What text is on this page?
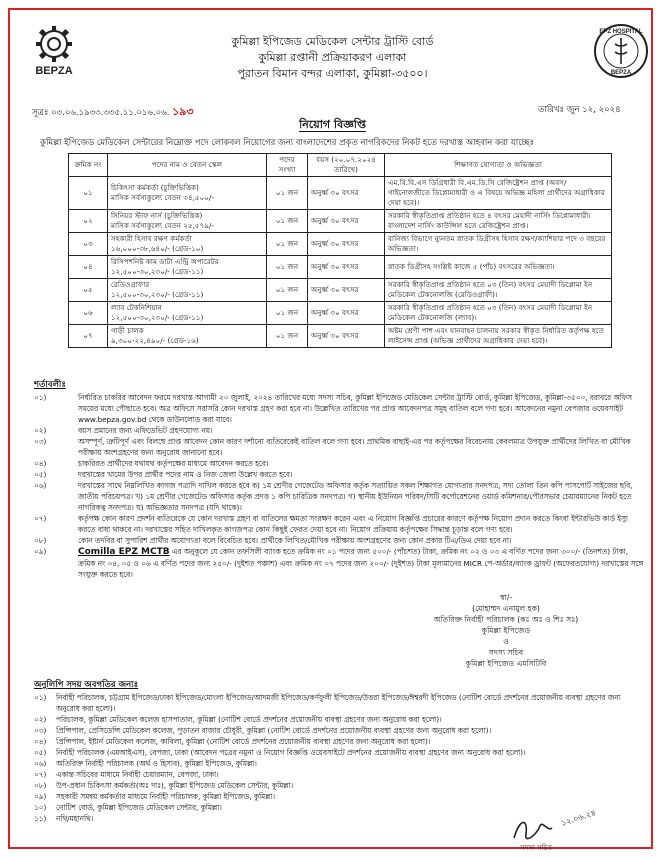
BEPZA
EPZ HOSPITAL
BEPZA
কুমিল্লা ইপিজেড মেডিকেল সেন্টার ট্রাস্টি বোর্ড
কুমিল্লা রপ্তানী প্রক্রিয়াকরণ এলাকা
পুরাতন বিমান বন্দর এলাকা, কুমিল্লা-৩৫০০।
সূত্রঃ ০৩.০৬.১৯৩৩.৩৩৫.১১.০১৬.০৬. ১৯৩	তারিখঃ জুন ১২, ২০২৪
নিয়োগ বিজ্ঞপ্তি
কুমিল্লা ইপিজেড মেডিকেল সেন্টারের নিম্নোক্ত পদে লোকবল নিয়োগের জন্য বাংলাদেশের প্রকৃত নাগরিকদের নিকট হতে দরখাস্ত আহবান করা যাচ্ছেঃ
ক্রমিক নং	পদের নাম ও বেতন স্কেল	পদের সংখ্যা	বয়স (২০.০৭.২০২৪ তারিখে)	শিক্ষাগত যোগ্যতা ও অভিজ্ঞতা
০১	চিকিৎসা কর্মকর্তা (চুক্তিভিত্তিক)
মাসিক সর্বসাকুল্যে বেতন ৩৪,৫০০/-	০১ জন	অনুর্ধ্ব ৩০ বৎসর	এম.বি.বি.এস ডিগ্রিধারী বি.এম.ডি.সি রেজিষ্ট্রেশন প্রাপ্ত (অবস/গাইনোলজীতে ডিপ্লোমাধারী ও এ বিষয়ে অভিজ্ঞ মহিলা প্রার্থীদের অগ্রাধিকার দেয়া হবে)।
০২	সিনিয়র স্টাফ নার্স (চুক্তিভিত্তিক)
মাসিক সর্বসাকুল্যে বেতন ২৫,৫৭৯/-	০১ জন	অনুর্ধ্ব ৩০ বৎসর	সরকারি স্বীকৃতিপ্রাপ্ত প্রতিষ্ঠান হতে ৪ বৎসর মেয়াদী নার্সিং ডিপ্লোমাধারী। বাংলাদেশ নার্সিং কাউন্সিল হতে রেজিষ্ট্রেশন প্রাপ্ত।
০৩	সহকারী হিসাব রক্ষণ কর্মকর্তা
১৬,০০০-৩৮,৬৪০/- (গ্রেড-১০)	০১ জন	অনুর্ধ্ব ৩০ বৎসর	বানিজ্য বিভাগে ন্যুনতম স্নাতক ডিগ্রীসহ হিসাব রক্ষণ/ক্যাশিয়ার পদে ৩ বছরের অভিজ্ঞতা।
০৪	রিসিপশনিষ্ট কাম ডাটা এন্ট্রি অপারেটর
১২,৫০০-৩০,২৩০/- (গ্রেড-১১)	০১ জন	অনুর্ধ্ব ৩০ বৎসর	স্নাতক ডিগ্রীসহ সংশ্লিষ্ট কাজে ৫ (পাঁচ) বৎসরের অভিজ্ঞতা।
০৫	রেডিওগ্রাফার
১২,৫০০-৩০,২৩০/- (গ্রেড-১১)	০১ জন	অনুর্ধ্ব ৩০ বৎসর	সরকারি স্বীকৃতিপ্রাপ্ত প্রতিষ্ঠান হতে ০৩ (তিন) বৎসর মেয়াদী ডিপ্লোমা ইন মেডিকেল টেকনোলজি (রেডিওগ্রাফী)।
০৬	ল্যাব টেকনিশিয়ান
১২,৫০০-৩০,২৩০/- (গ্রেড-১১)	০১ জন	অনুর্ধ্ব ৩০ বৎসর	সরকারি স্বীকৃতিপ্রাপ্ত প্রতিষ্ঠান হতে ০৩ (তিন) বৎসর মেয়াদী ডিপ্লোমা ইন মেডিকেল টেকনোলজি (ল্যাব)।
০৭	গাড়ী চালক
৯,৩০০-২২,৪৯০/- (গ্রেড-১৬)	০১ জন	অনুর্ধ্ব ৩০ বৎসর	অষ্টম শ্রেণী পাশ এবং যানবাহন চালনায় সরকার স্বীকৃত নির্ধারিত কর্তৃপক্ষ হতে লাইসেন্স প্রাপ্ত (অভিজ্ঞ প্রার্থীদের অগ্রাধিকার দেয়া হবে)।
শর্তাবলীঃ
০১)	নির্ধারিত চাকরির আবেদন ফরমে দরখাস্ত আগামী ২০ জুলাই, ২০২৪ তারিখের মধ্যে সদস্য সচিব, কুমিল্লা ইপিজেড মেডিকেল সেন্টার ট্রাস্টি বোর্ড, কুমিল্লা ইপিজেড, কুমিল্লা-৩৫০০, বরাবরে অফিস সময়ের মধ্যে পৌছাতে হবে। অত্র অফিসে সরাসরি কোন দরখাস্ত গ্রহণ করা হবে না। উল্লেখিত তারিখের পর প্রাপ্ত আবেদনপত্র সমূহ বাতিল বলে গণ্য হবে। আবেদনের নমুনা বেপজার ওয়েবসাইট www.bepza.gov.bd থেকে ডাউনলোড করা যাবে।
০২)	বয়স প্রমানের জন্য এফিডেভিট গ্রহণযোগ্য নয়।
০৩)	অসম্পূর্ণ, ত্রুটিপূর্ণ এবং বিলম্বে প্রাপ্ত আবেদন কোন কারণ দর্শানো ব্যতিরেকেই বাতিল বলে গণ্য হবে। প্রাথমিক বাছাই-এর পর কর্তৃপক্ষের বিবেচনায় কেবলমাত্র উপযুক্ত প্রার্থীদের লিখিত বা মৌখিক পরীক্ষায় অংশগ্রহণের জন্য অনুরোধ জানানো হবে।
০৪)	চাকরিরত প্রার্থীদের যথাযথ কর্তৃপক্ষের মাধ্যমে আবেদন করতে হবে।
০৫)	দরখাস্তের খামের উপর প্রার্থীর পদের নাম ও নিজ জেলা উল্লেখ করতে হবে।
০৬)	দরখাস্তের সাথে নিম্নলিখিত কাগজ পত্রাদি দাখিল করতে হবে ক) ১ম শ্রেণীর গেজেটেড অফিসার কর্তৃক সত্যায়িত সকল শিক্ষাগত যোগ্যতার সনদপত্র, সদ্য তোলা তিন কপি পাসপোর্ট সাইজের ছবি, জাতীয় পরিচয়পত্র। খ) ১ম শ্রেণীর গেজেটেড অফিসার কর্তৃক প্রদত্ত ১ কপি চারিত্রিক সনদপত্র। গ) স্থানীয় ইউনিয়ন পরিষদ/সিটি কর্পোরেশনের ওয়ার্ড কমিশনার/পৌরসভার চেয়ারম্যানের নিকট হতে নাগরিকত্ব সনদপত্র। ঘ) অভিজ্ঞতার সনদপত্র (যদি থাকে)।
০৭)	কর্তৃপক্ষ কোন কারণ প্রদর্শন ব্যতিরেকে যে কোন দরখাস্ত গ্রহণ বা বাতিলের ক্ষমতা সংরক্ষণ করেন এবং এ নিয়োগ বিজ্ঞপ্তি প্রচারের কারণে কর্তৃপক্ষ নিয়োগ প্রদান করতে কিংবা ইন্টারভিউ কার্ড ইস্যু করতে বাধ্য থাকবে না। দরখাস্তের সহিত দাখিলকৃত কাগজপত্র কোন কিছুই ফেরত দেয়া হবে না। নিয়োগ প্রক্রিয়ায় কর্তৃপক্ষের সিদ্ধান্ত চূড়ান্ত বলে গণ্য হবে।
০৮)	কোন তদবির বা সুপারিশ প্রার্থীর অযোগ্যতা বলে বিবেচিত হবে। প্রার্থীকে লিখিত/মৌখিক পরীক্ষায় অংশগ্রহণের জন্য কোন প্রকার টিএ/ডিএ দেয়া হবে না।
০৯)	Comilla EPZ MCTB এর অনুকূলে যে কোন তফসিলী ব্যাংক হতে ক্রমিক নং ০১ পদের জন্য ৫০০/- (পাঁচশত) টাকা, ক্রমিক নং ০২ ও ০৩ এ বর্ণিত পদের জন্য ৩০০/- (তিনশত) টাকা, ক্রমিক নং ০৪, ০৫ ও ০৬ এ বর্ণিত পদের জন্য ২৫০/- (দুইশত পঞ্চাশ) এবং ক্রমিক নং ০৭ পদের জন্য ২০০/- (দুইশত) টাকা মূল্যমানের MICR পে-অর্ডার/ব্যাংক ড্রাফট (অফেরতযোগ্য) দরখাস্তের সঙ্গে সংযুক্ত করতে হবে।
স্বা/-
(মোহাম্মদ এনামুল হক)
অতিরিক্ত নির্বাহী পরিচালক (কঃ অঃ ও শিঃ সঃ)
কুমিল্লা ইপিজেড
ও
সদস্য সচিব
কুমিল্লা ইপিজেড এমসিটিবি
অনুলিপি সদয় অবগতির জন্যঃ
০১)	নির্বাহী পরিচালক, চট্টগ্রাম ইপিজেড/ঢাকা ইপিজেড/মোংলা ইপিজেড/আদমজী ইপিজেড/কর্ণফুলী ইপিজেড/উত্তরা ইপিজেড/ঈশ্বরদী ইপিজেড (নোটিশ বোর্ডে প্রদর্শনের প্রয়োজনীয় ব্যবস্থা গ্রহণের জন্য অনুরোধ করা হলো)।
০২)	পরিচালক, কুমিল্লা মেডিকেল কলেজ হাসপাতাল, কুমিল্লা (নোটিশ বোর্ডে প্রদর্শনের প্রয়োজনীয় ব্যবস্থা গ্রহণের জন্য অনুরোধ করা হলো)।
০৩)	প্রিন্সিপাল, প্রেসিডেন্সি মেডিকেল কলেজ, পুড়াতন বাজার চৌধুরী, কুমিল্লা (নোটিশ বোর্ডে প্রদর্শনের প্রয়োজনীয় ব্যবস্থা গ্রহণের জন্য অনুরোধ করা হলো)।
০৪)	প্রিন্সিপাল, ইষ্টার্ন মেডিকেল কলেজ, কাবিলা, কুমিল্লা (নোটিশ বোর্ডে প্রদর্শনের প্রয়োজনীয় ব্যবস্থা গ্রহণের জন্য অনুরোধ করা হলো)।
০৫)	নির্বাহী পরিচালক (এমআইএস), বেপজা, ঢাকা (আবেদন পত্রের নমুনা ও নিয়োগ বিজ্ঞপ্তি ওয়েবসাইটে প্রদর্শনের প্রয়োজনীয় ব্যবস্থা গ্রহণের জন্য অনুরোধ করা হলো)।
০৬)	অতিরিক্ত নির্বাহী পরিচালক (অর্থ ও হিসাব), কুমিল্লা ইপিজেড, কুমিল্লা।
০৭)	একান্ত সচিবের মাধ্যমে নির্বাহী চেয়ারম্যান, বেপজা, ঢাকা।
০৮)	উপ-প্রধান চিকিৎসা কর্মকর্তা(অঃ দাঃ), কুমিল্লা ইপিজেড মেডিকেল সেন্টার, কুমিল্লা।
০৯)	সহকারী সমন্বয় কর্মকর্তার মাধ্যমে নির্বাহী পরিচালক, কুমিল্লা ইপিজেড, কুমিল্লা।
১০)	নোটিশ বোর্ড, কুমিল্লা ইপিজেড মেডিকেল সেন্টার, কুমিল্লা।
১১)	নথি/মহানথি।	১২.০৬.২৪
সদস্য সচিব
